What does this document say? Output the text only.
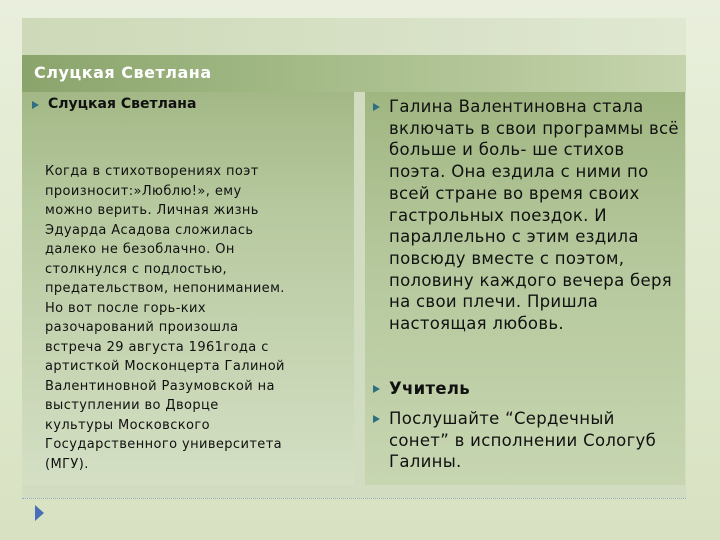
Слуцкая Светлана
Слуцкая Светлана
Когда в стихотворениях поэт
произносит:»Люблю!», ему
можно верить. Личная жизнь
Эдуарда Асадова сложилась
далеко не безоблачно. Он
столкнулся с подлостью,
предательством, непониманием.
Но вот после горь-ких
разочарований произошла
встреча 29 августа 1961года с
артисткой Москонцерта Галиной
Валентиновной Разумовской на
выступлении во Дворце
культуры Московского
Государственного университета
(МГУ).
Галина Валентиновна стала включать в свои программы всё больше и боль- ше стихов поэта. Она ездила с ними по всей стране во время своих гастрольных поездок. И параллельно с этим ездила повсюду вместе с поэтом, половину каждого вечера беря на свои плечи. Пришла настоящая любовь.
Учитель
Послушайте “Сердечный сонет” в исполнении Сологуб Галины.
